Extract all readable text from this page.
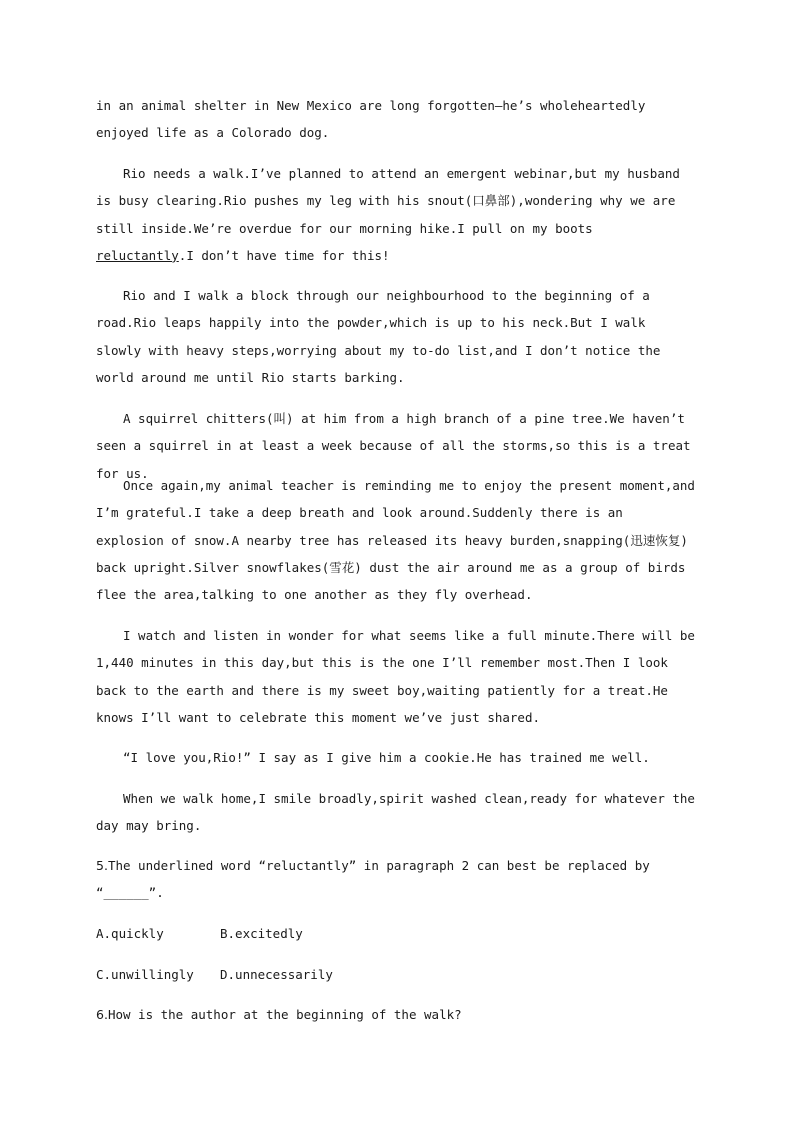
in an animal shelter in New Mexico are long forgotten—he’s wholeheartedly enjoyed life as a Colorado dog.

Rio needs a walk.I’ve planned to attend an emergent webinar,but my husband is busy clearing.Rio pushes my leg with his snout(口鼻部),wondering why we are still inside.We’re overdue for our morning hike.I pull on my boots reluctantly.I don’t have time for this!

Rio and I walk a block through our neighbourhood to the beginning of a road.Rio leaps happily into the powder,which is up to his neck.But I walk slowly with heavy steps,worrying about my to-do list,and I don’t notice the world around me until Rio starts barking.

A squirrel chitters(叫) at him from a high branch of a pine tree.We haven’t seen a squirrel in at least a week because of all the storms,so this is a treat for us.

Once again,my animal teacher is reminding me to enjoy the present moment,and I’m grateful.I take a deep breath and look around.Suddenly there is an explosion of snow.A nearby tree has released its heavy burden,snapping(迅速恢复) back upright.Silver snowflakes(雪花) dust the air around me as a group of birds flee the area,talking to one another as they fly overhead.

I watch and listen in wonder for what seems like a full minute.There will be 1,440 minutes in this day,but this is the one I’ll remember most.Then I look back to the earth and there is my sweet boy,waiting patiently for a treat.He knows I’ll want to celebrate this moment we’ve just shared.

“I love you,Rio!” I say as I give him a cookie.He has trained me well.

When we walk home,I smile broadly,spirit washed clean,ready for whatever the day may bring.

5.The underlined word “reluctantly” in paragraph 2 can best be replaced by “______”.

A.quickly	B.excitedly
C.unwillingly D.unnecessarily

6.How is the author at the beginning of the walk?
